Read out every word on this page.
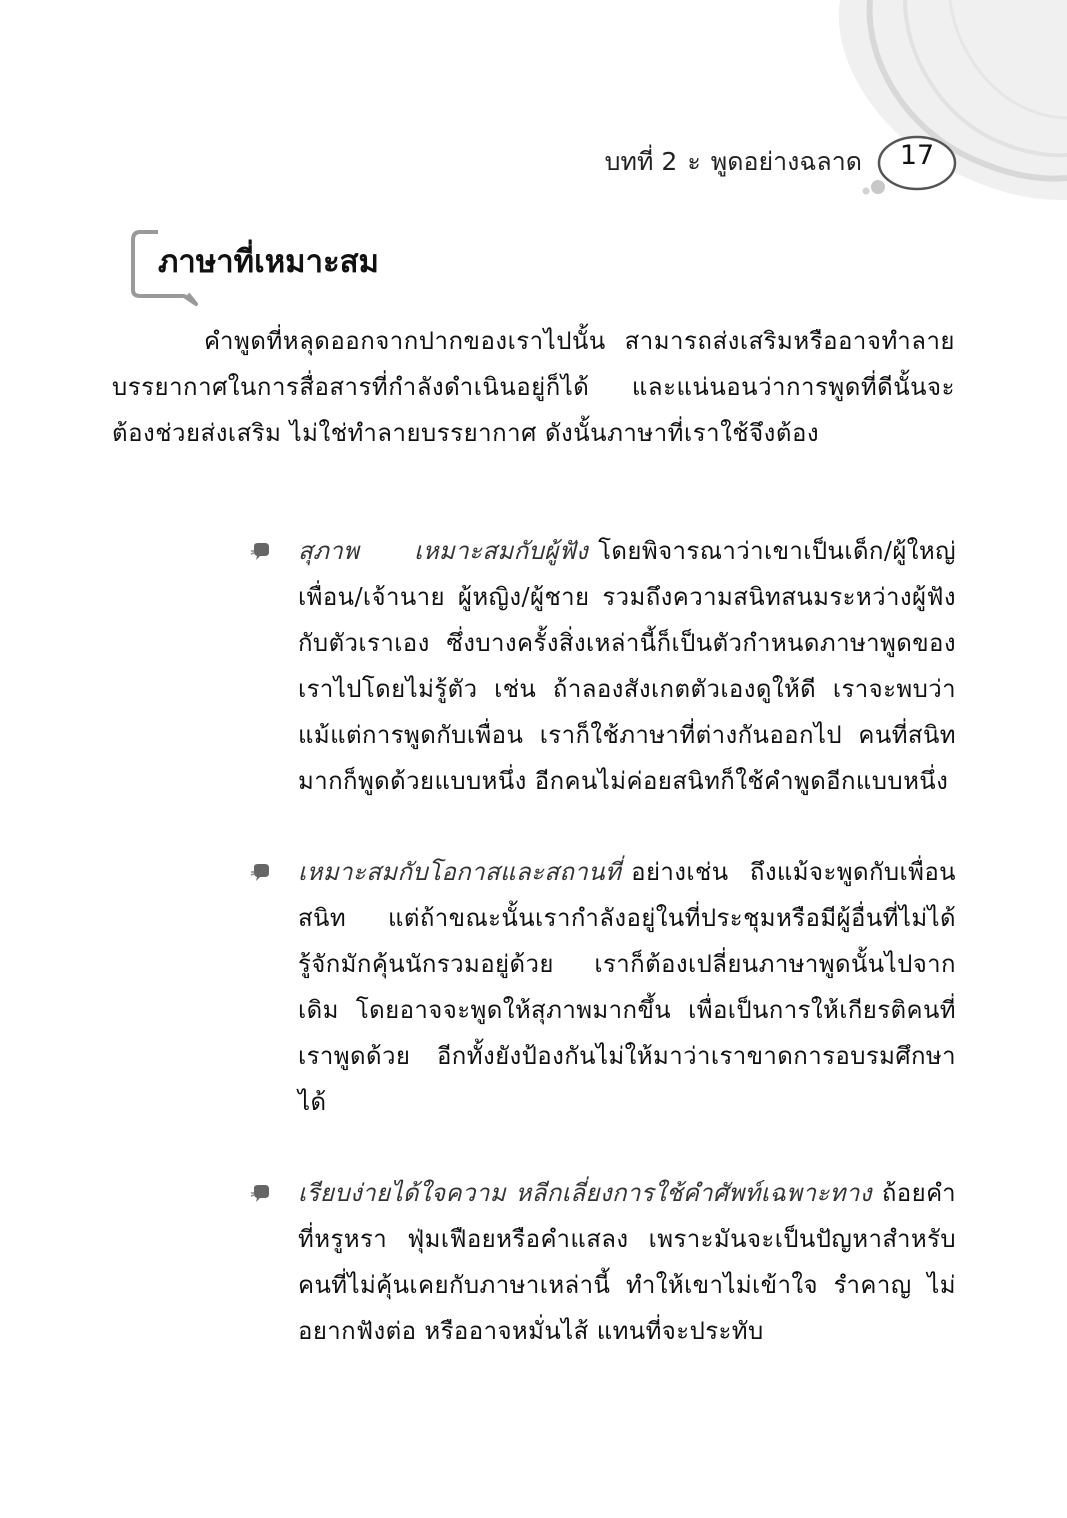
บทที่ 2 ะ พูดอย่างฉลาด	17
ภาษาที่เหมาะสม

คำพูดที่หลุดออกจากปากของเราไปนั้น สามารถส่งเสริมหรืออาจทำลายบรรยากาศในการสื่อสารที่กำลังดำเนินอยู่ก็ได้ และแน่นอนว่าการพูดที่ดีนั้นจะต้องช่วยส่งเสริม ไม่ใช่ทำลายบรรยากาศ ดังนั้นภาษาที่เราใช้จึงต้อง

สุภาพ เหมาะสมกับผู้ฟัง โดยพิจารณาว่าเขาเป็นเด็ก/ผู้ใหญ่ เพื่อน/เจ้านาย ผู้หญิง/ผู้ชาย รวมถึงความสนิทสนมระหว่างผู้ฟังกับตัวเราเอง ซึ่งบางครั้งสิ่งเหล่านี้ก็เป็นตัวกำหนดภาษาพูดของเราไปโดยไม่รู้ตัว เช่น ถ้าลองสังเกตตัวเองดูให้ดี เราจะพบว่าแม้แต่การพูดกับเพื่อน เราก็ใช้ภาษาที่ต่างกันออกไป คนที่สนิทมากก็พูดด้วยแบบหนึ่ง อีกคนไม่ค่อยสนิทก็ใช้คำพูดอีกแบบหนึ่ง
เหมาะสมกับโอกาสและสถานที่ อย่างเช่น ถึงแม้จะพูดกับเพื่อนสนิท แต่ถ้าขณะนั้นเรากำลังอยู่ในที่ประชุมหรือมีผู้อื่นที่ไม่ได้รู้จักมักคุ้นนักรวมอยู่ด้วย เราก็ต้องเปลี่ยนภาษาพูดนั้นไปจากเดิม โดยอาจจะพูดให้สุภาพมากขึ้น เพื่อเป็นการให้เกียรติคนที่เราพูดด้วย อีกทั้งยังป้องกันไม่ให้มาว่าเราขาดการอบรมศึกษาได้
เรียบง่ายได้ใจความ หลีกเลี่ยงการใช้คำศัพท์เฉพาะทาง ถ้อยคำที่หรูหรา ฟุ่มเฟือยหรือคำแสลง เพราะมันจะเป็นปัญหาสำหรับคนที่ไม่คุ้นเคยกับภาษาเหล่านี้ ทำให้เขาไม่เข้าใจ รำคาญ ไม่อยากฟังต่อ หรืออาจหมั่นไส้ แทนที่จะประทับ
